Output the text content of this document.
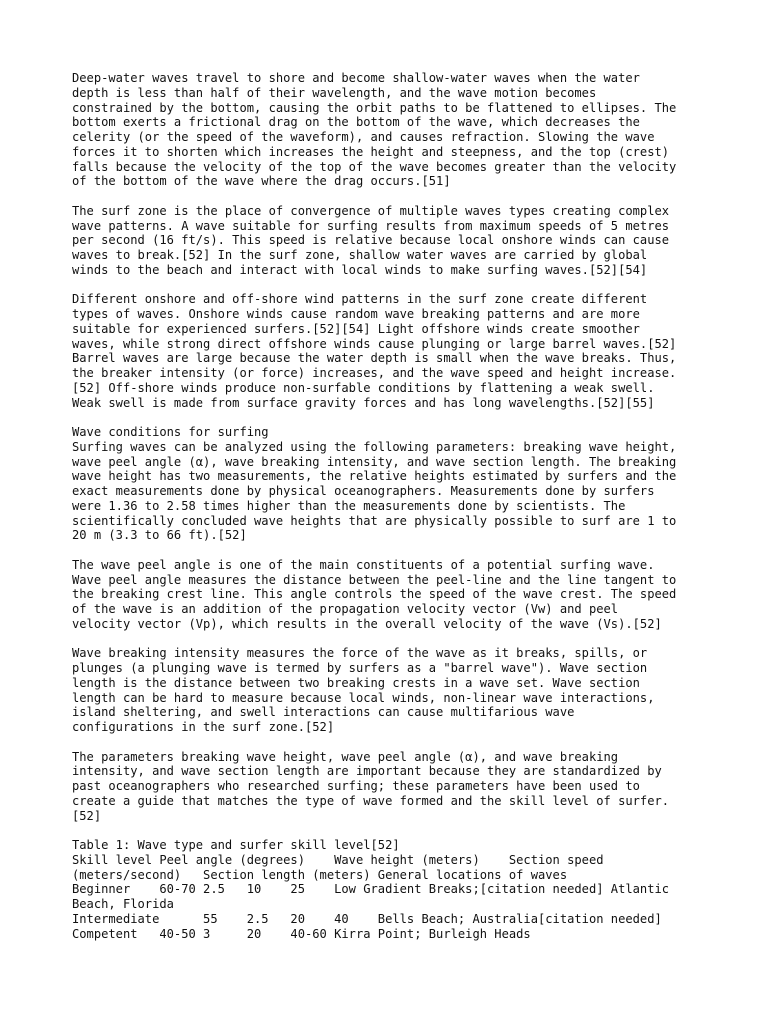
Deep-water waves travel to shore and become shallow-water waves when the water
depth is less than half of their wavelength, and the wave motion becomes
constrained by the bottom, causing the orbit paths to be flattened to ellipses. The
bottom exerts a frictional drag on the bottom of the wave, which decreases the
celerity (or the speed of the waveform), and causes refraction. Slowing the wave
forces it to shorten which increases the height and steepness, and the top (crest)
falls because the velocity of the top of the wave becomes greater than the velocity
of the bottom of the wave where the drag occurs.[51]
The surf zone is the place of convergence of multiple waves types creating complex
wave patterns. A wave suitable for surfing results from maximum speeds of 5 metres
per second (16 ft/s). This speed is relative because local onshore winds can cause
waves to break.[52] In the surf zone, shallow water waves are carried by global
winds to the beach and interact with local winds to make surfing waves.[52][54]
Different onshore and off-shore wind patterns in the surf zone create different
types of waves. Onshore winds cause random wave breaking patterns and are more
suitable for experienced surfers.[52][54] Light offshore winds create smoother
waves, while strong direct offshore winds cause plunging or large barrel waves.[52]
Barrel waves are large because the water depth is small when the wave breaks. Thus,
the breaker intensity (or force) increases, and the wave speed and height increase.
[52] Off-shore winds produce non-surfable conditions by flattening a weak swell.
Weak swell is made from surface gravity forces and has long wavelengths.[52][55]
Wave conditions for surfing
Surfing waves can be analyzed using the following parameters: breaking wave height,
wave peel angle (α), wave breaking intensity, and wave section length. The breaking
wave height has two measurements, the relative heights estimated by surfers and the
exact measurements done by physical oceanographers. Measurements done by surfers
were 1.36 to 2.58 times higher than the measurements done by scientists. The
scientifically concluded wave heights that are physically possible to surf are 1 to
20 m (3.3 to 66 ft).[52]
The wave peel angle is one of the main constituents of a potential surfing wave.
Wave peel angle measures the distance between the peel-line and the line tangent to
the breaking crest line. This angle controls the speed of the wave crest. The speed
of the wave is an addition of the propagation velocity vector (Vw) and peel
velocity vector (Vp), which results in the overall velocity of the wave (Vs).[52]
Wave breaking intensity measures the force of the wave as it breaks, spills, or
plunges (a plunging wave is termed by surfers as a "barrel wave"). Wave section
length is the distance between two breaking crests in a wave set. Wave section
length can be hard to measure because local winds, non-linear wave interactions,
island sheltering, and swell interactions can cause multifarious wave
configurations in the surf zone.[52]
The parameters breaking wave height, wave peel angle (α), and wave breaking
intensity, and wave section length are important because they are standardized by
past oceanographers who researched surfing; these parameters have been used to
create a guide that matches the type of wave formed and the skill level of surfer.
[52]
Table 1: Wave type and surfer skill level[52]
Skill level Peel angle (degrees)    Wave height (meters)    Section speed
(meters/second)   Section length (meters) General locations of waves
Beginner    60-70 2.5   10    25    Low Gradient Breaks;[citation needed] Atlantic
Beach, Florida
Intermediate      55    2.5   20    40    Bells Beach; Australia[citation needed]
Competent   40-50 3     20    40-60 Kirra Point; Burleigh Heads
